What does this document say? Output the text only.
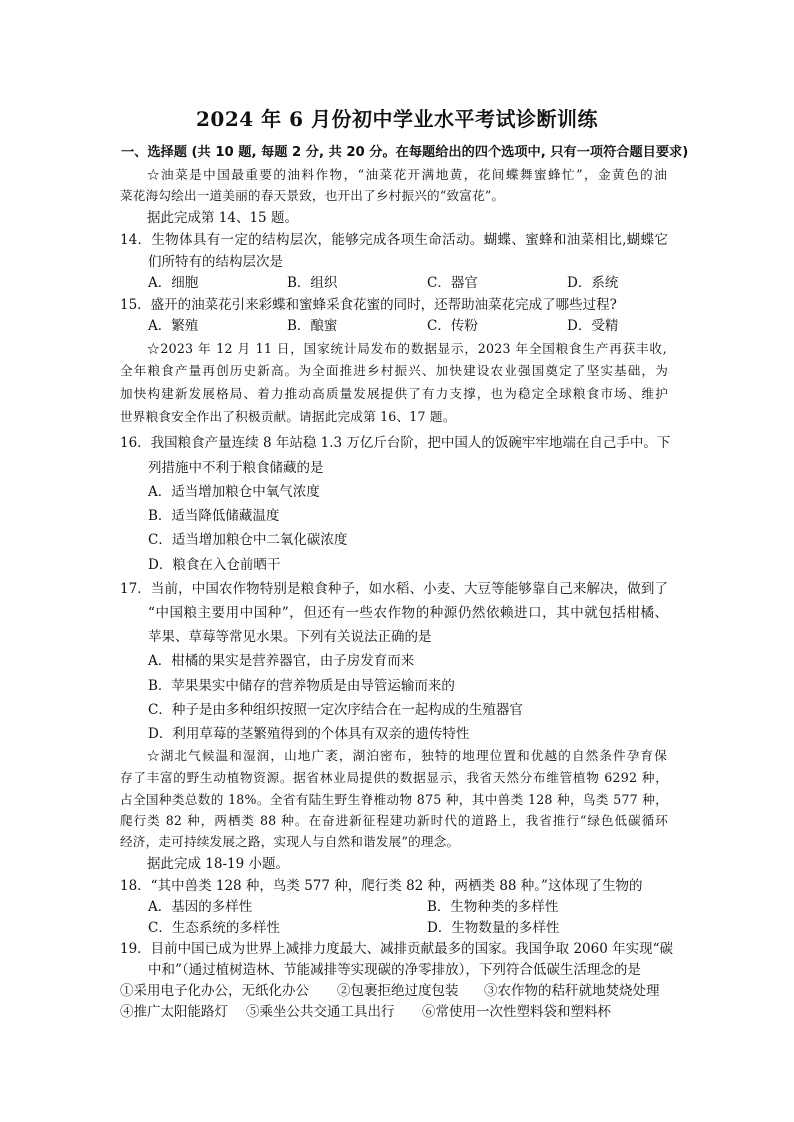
2024 年 6 月份初中学业水平考试诊断训练
一、选择题 (共 10 题, 每题 2 分, 共 20 分。在每题给出的四个选项中, 只有一项符合题目要求)
☆油菜是中国最重要的油料作物，“油菜花开满地黄，花间蝶舞蜜蜂忙”，金黄色的油
菜花海勾绘出一道美丽的春天景致，也开出了乡村振兴的“致富花”。
据此完成第 14、15 题。
14．生物体具有一定的结构层次，能够完成各项生命活动。蝴蝶、蜜蜂和油菜相比,蝴蝶它
们所特有的结构层次是
A．细胞	B．组织	C．器官	D．系统
15．盛开的油菜花引来彩蝶和蜜蜂采食花蜜的同时，还帮助油菜花完成了哪些过程?
A．繁殖	B．酿蜜	C．传粉	D．受精
☆2023 年 12 月 11 日，国家统计局发布的数据显示，2023 年全国粮食生产再获丰收,
全年粮食产量再创历史新高。为全面推进乡村振兴、加快建设农业强国奠定了坚实基础，为
加快构建新发展格局、着力推动高质量发展提供了有力支撑，也为稳定全球粮食市场、维护
世界粮食安全作出了积极贡献。请据此完成第 16、17 题。
16．我国粮食产量连续 8 年站稳 1.3 万亿斤台阶，把中国人的饭碗牢牢地端在自己手中。下
列措施中不利于粮食储藏的是
A．适当增加粮仓中氧气浓度
B．适当降低储藏温度
C．适当增加粮仓中二氧化碳浓度
D．粮食在入仓前晒干
17．当前，中国农作物特别是粮食种子，如水稻、小麦、大豆等能够靠自己来解决，做到了
“中国粮主要用中国种”，但还有一些农作物的种源仍然依赖进口，其中就包括柑橘、
苹果、草莓等常见水果。下列有关说法正确的是
A．柑橘的果实是营养器官，由子房发育而来
B．苹果果实中储存的营养物质是由导管运输而来的
C．种子是由多种组织按照一定次序结合在一起构成的生殖器官
D．利用草莓的茎繁殖得到的个体具有双亲的遗传特性
☆湖北气候温和湿润，山地广袤，湖泊密布，独特的地理位置和优越的自然条件孕育保
存了丰富的野生动植物资源。据省林业局提供的数据显示，我省天然分布维管植物 6292 种，
占全国种类总数的 18%。全省有陆生野生脊椎动物 875 种，其中兽类 128 种，鸟类 577 种，
爬行类 82 种，两栖类 88 种。在奋进新征程建功新时代的道路上，我省推行“绿色低碳循环
经济，走可持续发展之路，实现人与自然和谐发展”的理念。
据此完成 18-19 小题。
18．“其中兽类 128 种，鸟类 577 种，爬行类 82 种，两栖类 88 种。”这体现了生物的
A．基因的多样性	B．生物种类的多样性
C．生态系统的多样性	D．生物数量的多样性
19．目前中国已成为世界上减排力度最大、减排贡献最多的国家。我国争取 2060 年实现“碳
中和”（通过植树造林、节能减排等实现碳的净零排放），下列符合低碳生活理念的是
①采用电子化办公，无纸化办公 ②包裹拒绝过度包装 ③农作物的秸秆就地焚烧处理
④推广太阳能路灯 ⑤乘坐公共交通工具出行 ⑥常使用一次性塑料袋和塑料杯
